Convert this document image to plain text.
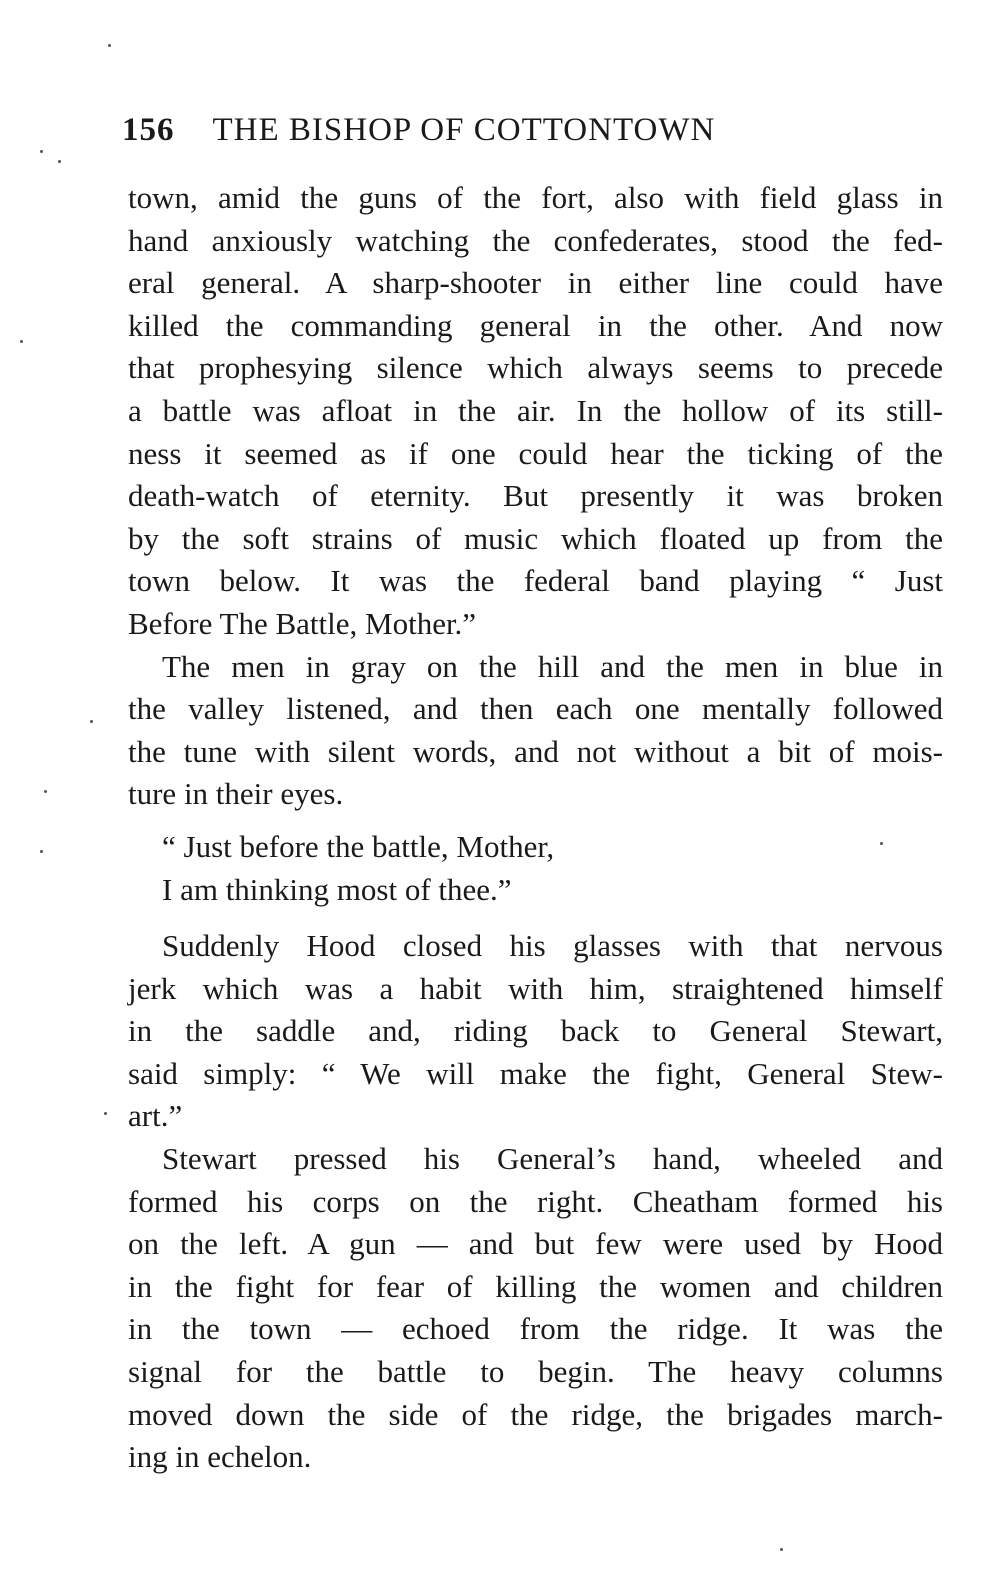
156 THE BISHOP OF COTTONTOWN
town, amid the guns of the fort, also with field glass in
hand anxiously watching the confederates, stood the fed-
eral general. A sharp-shooter in either line could have
killed the commanding general in the other. And now
that prophesying silence which always seems to precede
a battle was afloat in the air. In the hollow of its still-
ness it seemed as if one could hear the ticking of the
death-watch of eternity. But presently it was broken
by the soft strains of music which floated up from the
town below. It was the federal band playing “ Just
Before The Battle, Mother.”
The men in gray on the hill and the men in blue in
the valley listened, and then each one mentally followed
the tune with silent words, and not without a bit of mois-
ture in their eyes.
“ Just before the battle, Mother,
I am thinking most of thee.”
Suddenly Hood closed his glasses with that nervous
jerk which was a habit with him, straightened himself
in the saddle and, riding back to General Stewart,
said simply: “ We will make the fight, General Stew-
art.”
Stewart pressed his General’s hand, wheeled and
formed his corps on the right. Cheatham formed his
on the left. A gun — and but few were used by Hood
in the fight for fear of killing the women and children
in the town — echoed from the ridge. It was the
signal for the battle to begin. The heavy columns
moved down the side of the ridge, the brigades march-
ing in echelon.
